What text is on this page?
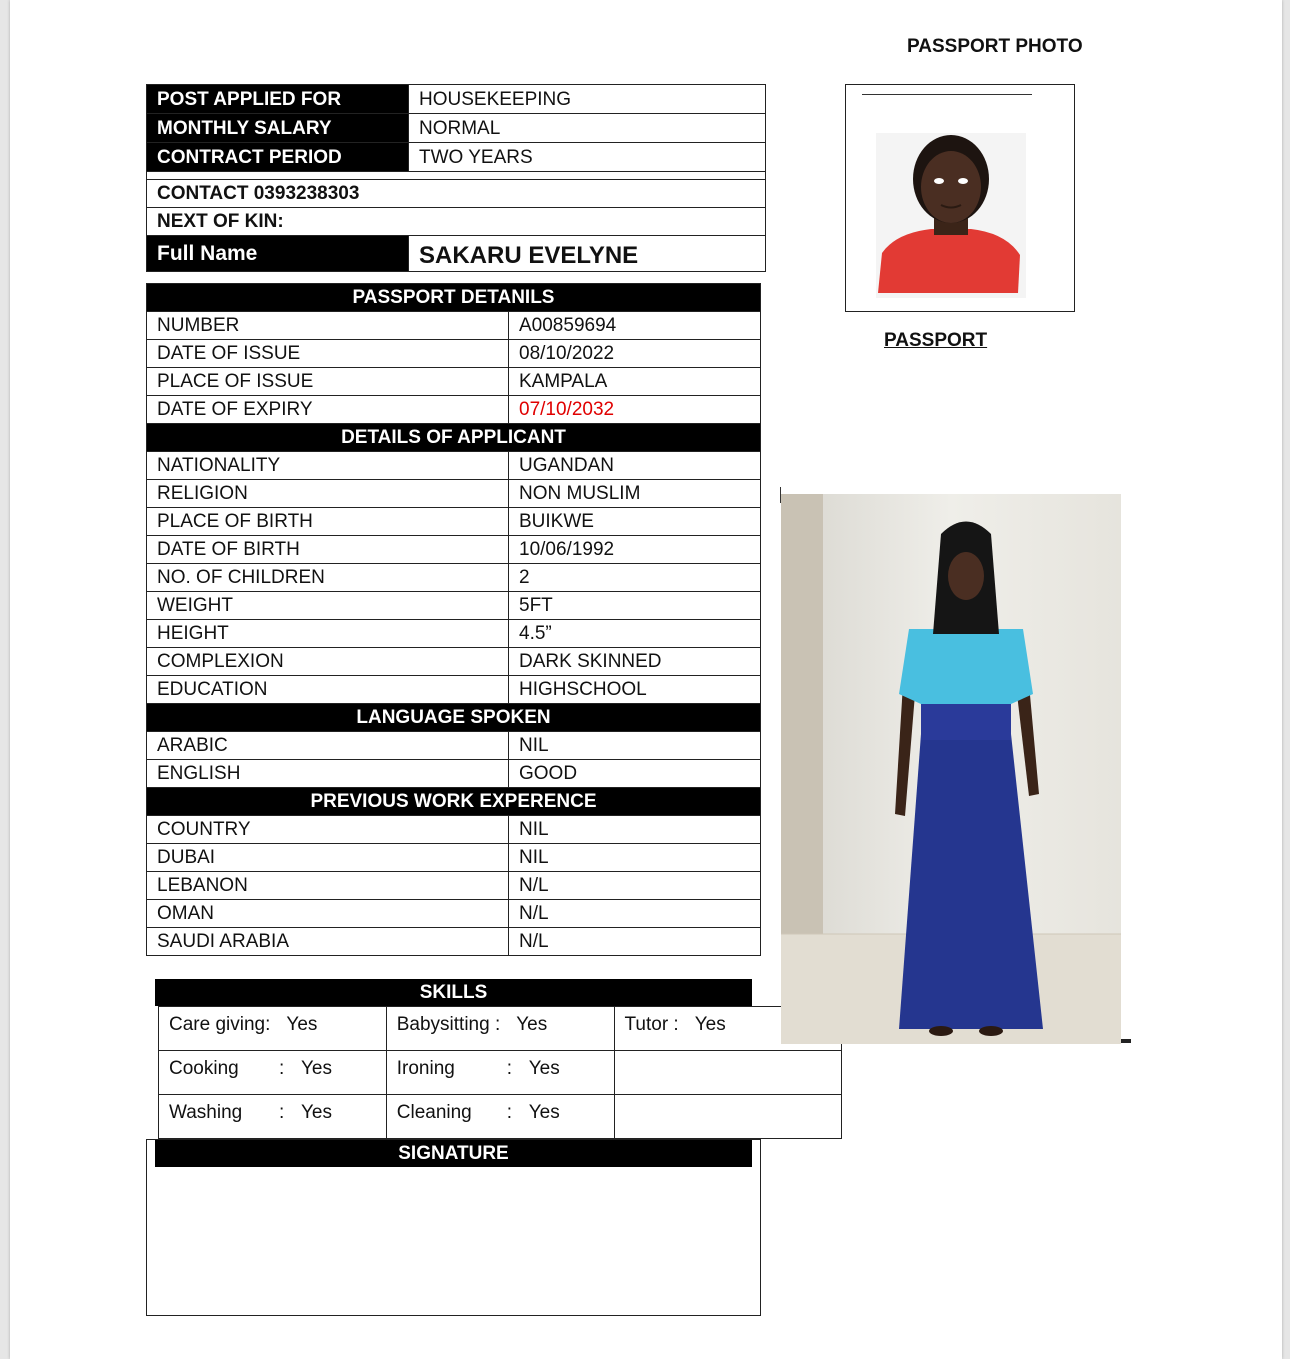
PASSPORT PHOTO
POST APPLIED FOR	HOUSEKEEPING
MONTHLY SALARY	NORMAL
CONTRACT PERIOD	TWO YEARS

CONTACT 0393238303
NEXT OF KIN:
Full Name	SAKARU EVELYNE
PASSPORT DETANILS	
NUMBER	A00859694
DATE OF ISSUE	08/10/2022
PLACE OF ISSUE	KAMPALA
DATE OF EXPIRY	07/10/2032
DETAILS OF APPLICANT	
NATIONALITY	UGANDAN
RELIGION	NON MUSLIM
PLACE OF BIRTH	BUIKWE
DATE OF BIRTH	10/06/1992
NO. OF CHILDREN	2
WEIGHT	5FT
HEIGHT	4.5”
COMPLEXION	DARK SKINNED
EDUCATION	HIGHSCHOOL
LANGUAGE SPOKEN	
ARABIC	NIL
ENGLISH	GOOD
PREVIOUS WORK EXPERENCE	
COUNTRY	NIL
DUBAI	NIL
LEBANON	N/L
OMAN	N/L
SAUDI ARABIA	N/L
SKILLS
Care giving: Yes	Babysitting : Yes	Tutor : Yes
Cooking : Yes	Ironing : Yes	
Washing : Yes	Cleaning : Yes	
SIGNATURE
PASSPORT
